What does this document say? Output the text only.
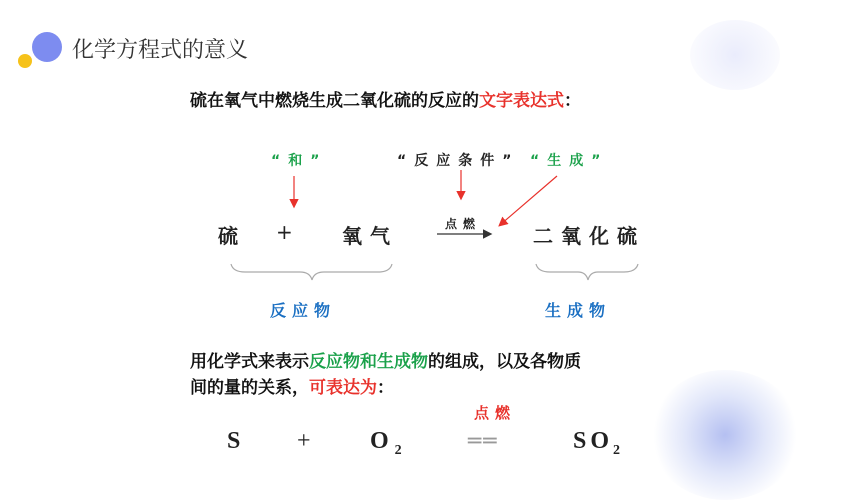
化学方程式的意义
硫在氧气中燃烧生成二氧化硫的反应的文字表达式：
“和”	“反应条件” “生成”
硫 + 氧气	点燃	二氧化硫
反应物	生成物
用化学式来表示反应物和生成物的组成，以及各物质
间的量的关系，可表达为：
点燃
S + O $_2$	══	$SO_2$
